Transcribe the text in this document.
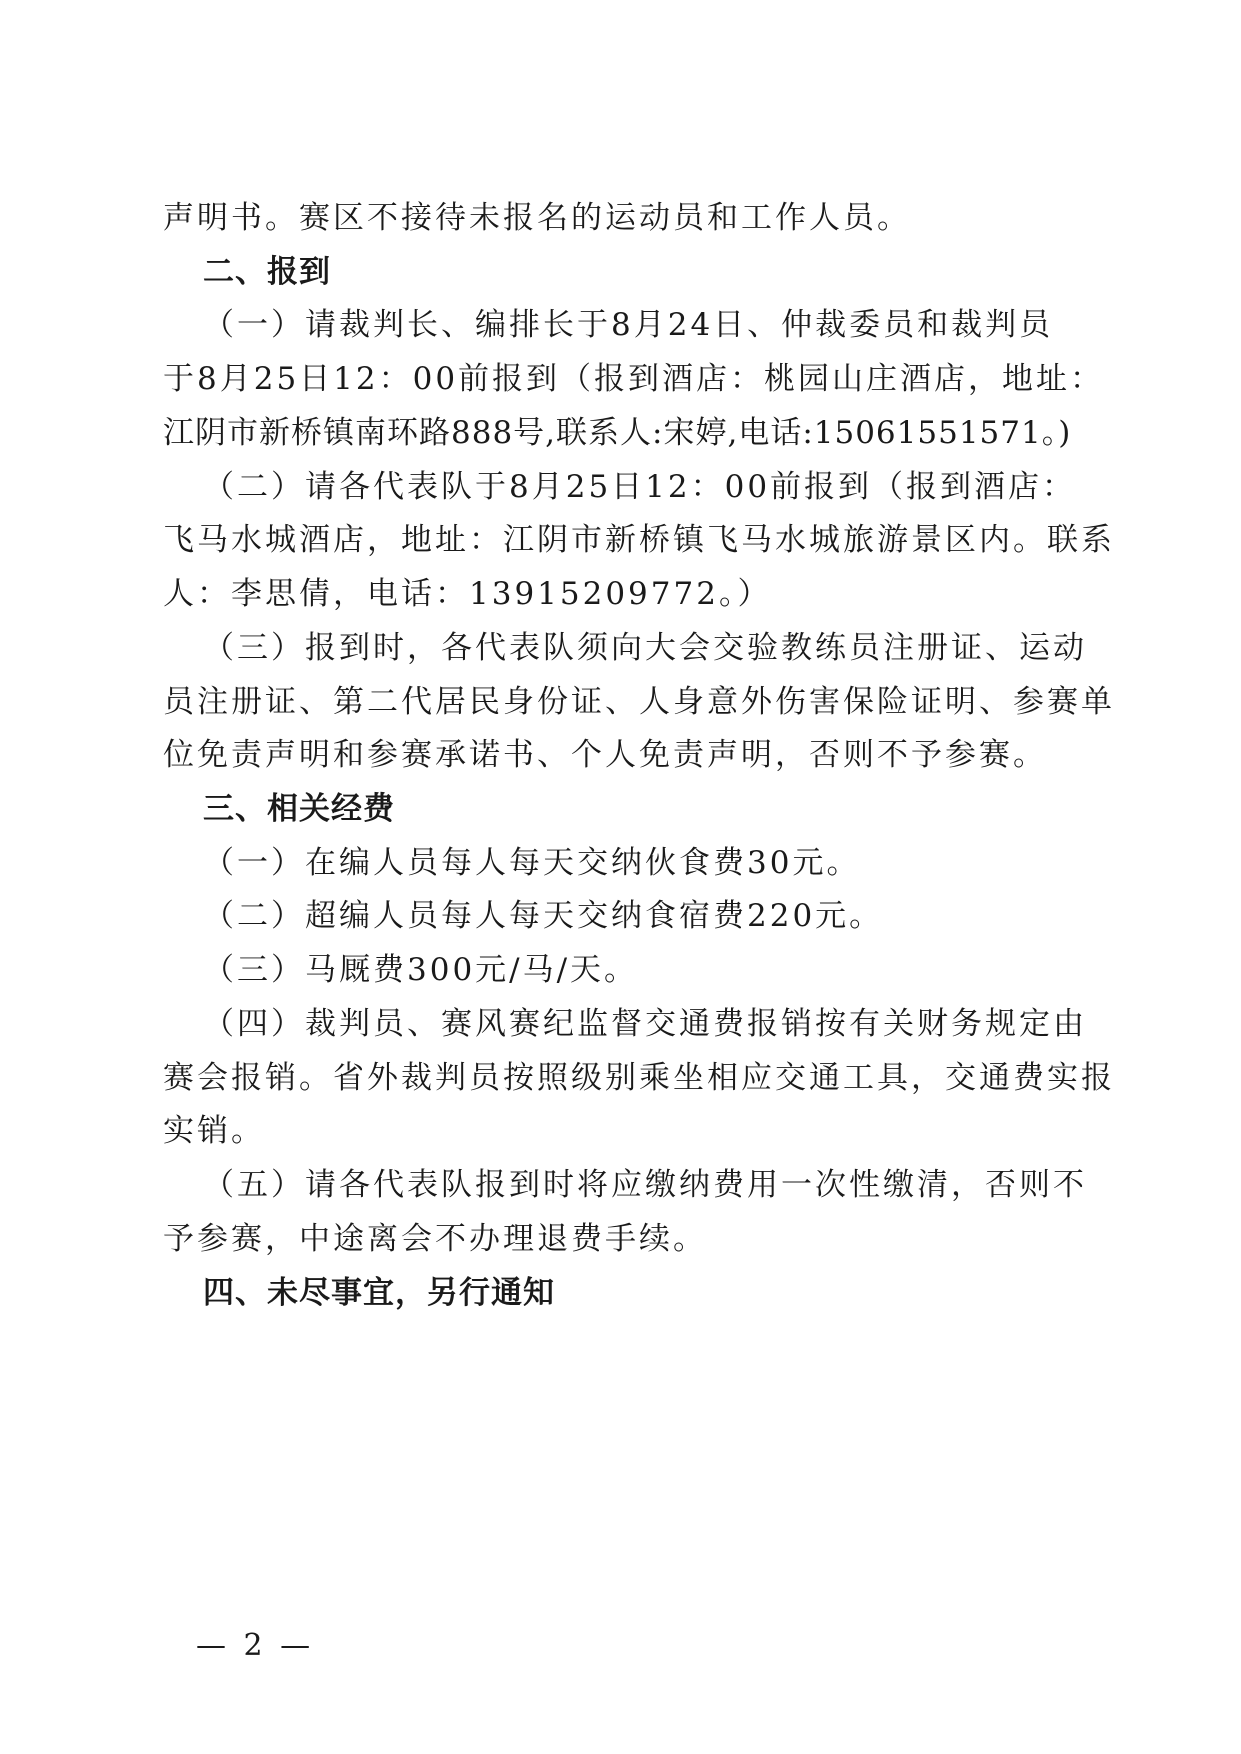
声明书。赛区不接待未报名的运动员和工作人员。
二、报到
（一）请裁判长、编排长于8月24日、仲裁委员和裁判员
于8月25日12：00前报到（报到酒店：桃园山庄酒店，地址：
江阴市新桥镇南环路888号,联系人:宋婷,电话:15061551571。)
（二）请各代表队于8月25日12：00前报到（报到酒店：
飞马水城酒店，地址：江阴市新桥镇飞马水城旅游景区内。联系
人：李思倩，电话：13915209772。）
（三）报到时，各代表队须向大会交验教练员注册证、运动
员注册证、第二代居民身份证、人身意外伤害保险证明、参赛单
位免责声明和参赛承诺书、个人免责声明，否则不予参赛。
三、相关经费
（一）在编人员每人每天交纳伙食费30元。
（二）超编人员每人每天交纳食宿费220元。
（三）马厩费300元/马/天。
（四）裁判员、赛风赛纪监督交通费报销按有关财务规定由
赛会报销。省外裁判员按照级别乘坐相应交通工具，交通费实报
实销。
（五）请各代表队报到时将应缴纳费用一次性缴清，否则不
予参赛，中途离会不办理退费手续。
四、未尽事宜，另行通知
— 2 —
